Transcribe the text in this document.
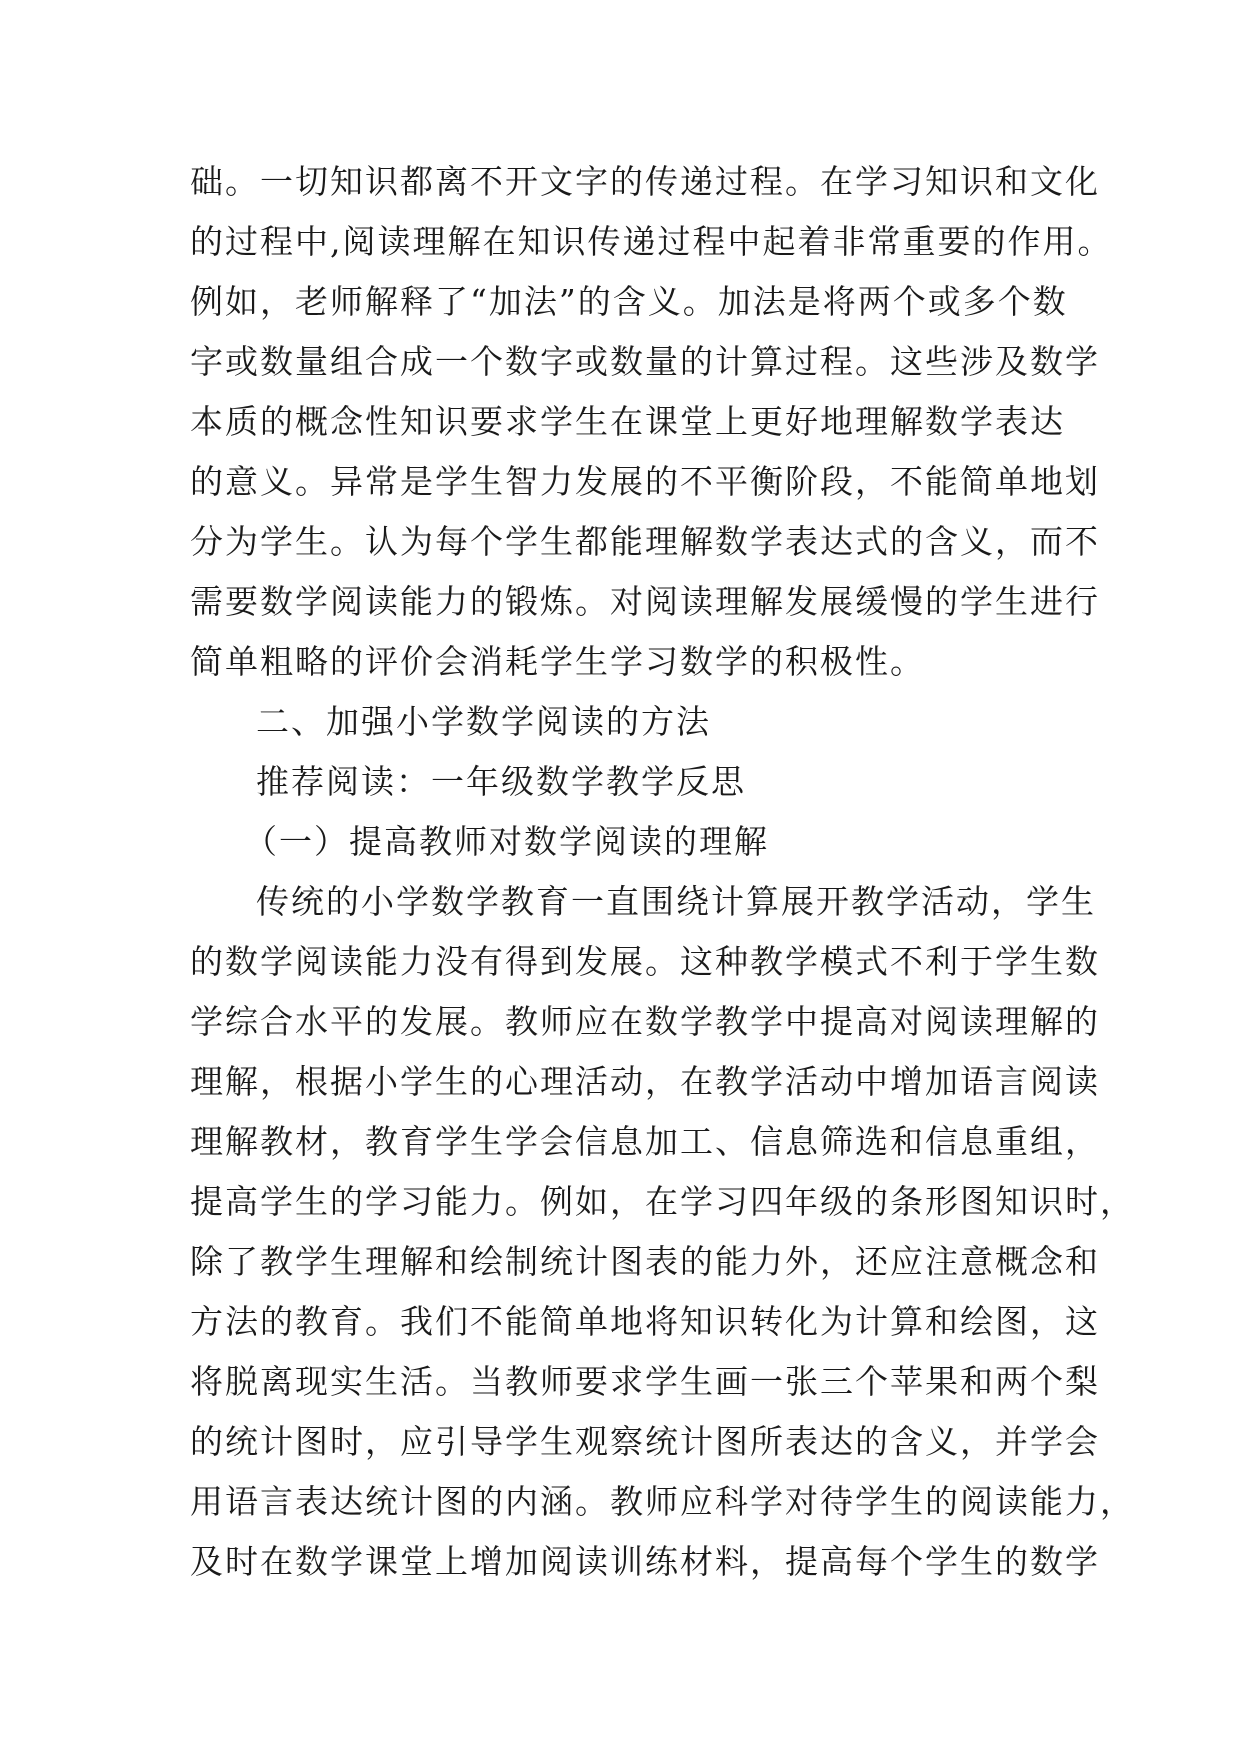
础。一切知识都离不开文字的传递过程。在学习知识和文化

的过程中,阅读理解在知识传递过程中起着非常重要的作用。

例如，老师解释了“加法”的含义。加法是将两个或多个数

字或数量组合成一个数字或数量的计算过程。这些涉及数学

本质的概念性知识要求学生在课堂上更好地理解数学表达

的意义。异常是学生智力发展的不平衡阶段，不能简单地划

分为学生。认为每个学生都能理解数学表达式的含义，而不

需要数学阅读能力的锻炼。对阅读理解发展缓慢的学生进行

简单粗略的评价会消耗学生学习数学的积极性。

二、加强小学数学阅读的方法

推荐阅读：一年级数学教学反思

（一）提高教师对数学阅读的理解

传统的小学数学教育一直围绕计算展开教学活动，学生

的数学阅读能力没有得到发展。这种教学模式不利于学生数

学综合水平的发展。教师应在数学教学中提高对阅读理解的

理解，根据小学生的心理活动，在教学活动中增加语言阅读

理解教材，教育学生学会信息加工、信息筛选和信息重组，

提高学生的学习能力。例如，在学习四年级的条形图知识时，

除了教学生理解和绘制统计图表的能力外，还应注意概念和

方法的教育。我们不能简单地将知识转化为计算和绘图，这

将脱离现实生活。当教师要求学生画一张三个苹果和两个梨

的统计图时，应引导学生观察统计图所表达的含义，并学会

用语言表达统计图的内涵。教师应科学对待学生的阅读能力，

及时在数学课堂上增加阅读训练材料，提高每个学生的数学
